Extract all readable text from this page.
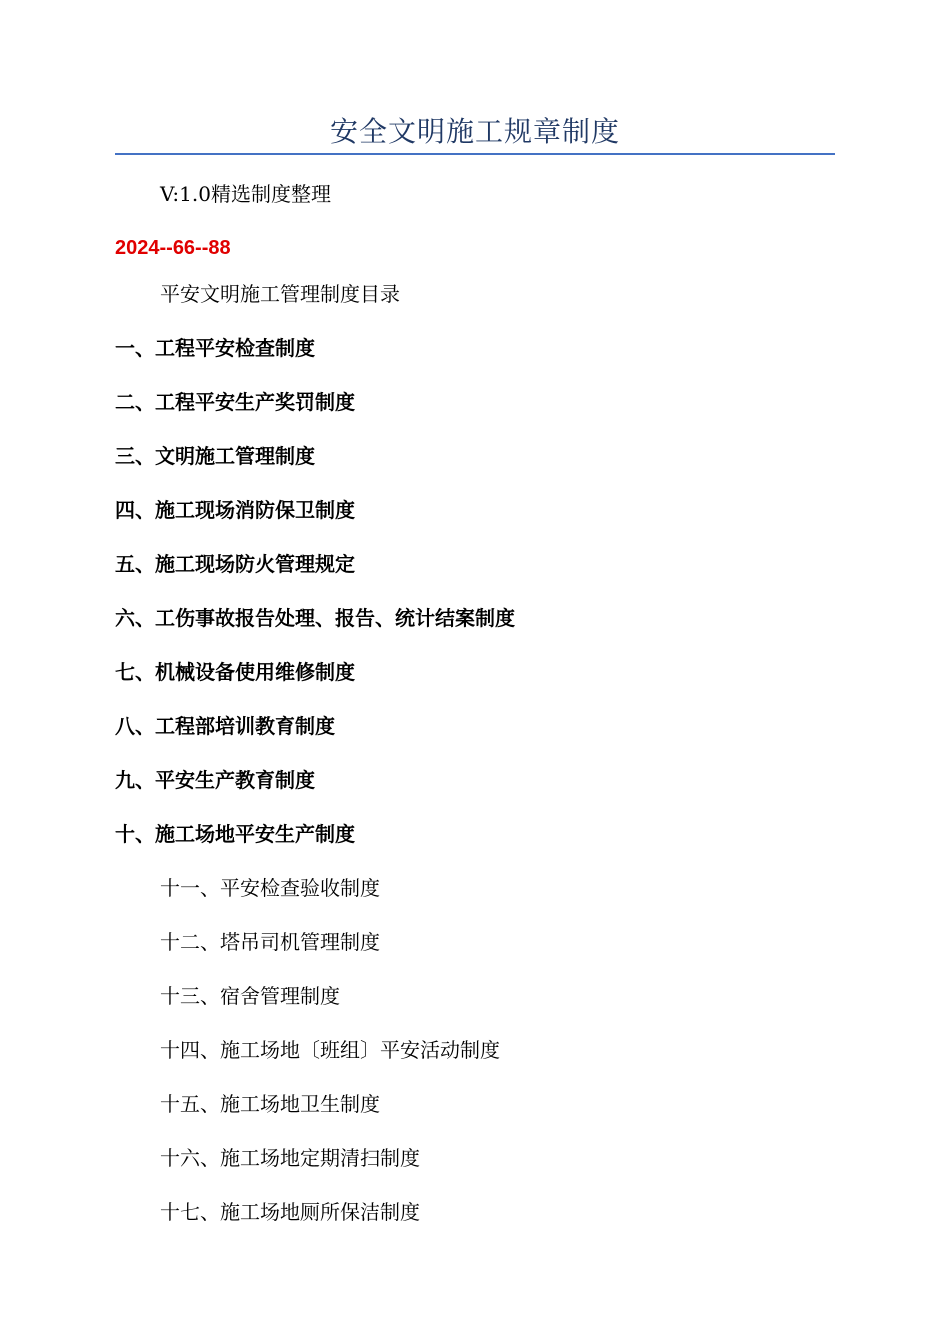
安全文明施工规章制度
V:1.0精选制度整理
2024--66--88
平安文明施工管理制度目录
一、工程平安检查制度
二、工程平安生产奖罚制度
三、文明施工管理制度
四、施工现场消防保卫制度
五、施工现场防火管理规定
六、工伤事故报告处理、报告、统计结案制度
七、机械设备使用维修制度
八、工程部培训教育制度
九、平安生产教育制度
十、施工场地平安生产制度
十一、平安检查验收制度
十二、塔吊司机管理制度
十三、宿舍管理制度
十四、施工场地〔班组〕平安活动制度
十五、施工场地卫生制度
十六、施工场地定期清扫制度
十七、施工场地厕所保洁制度
